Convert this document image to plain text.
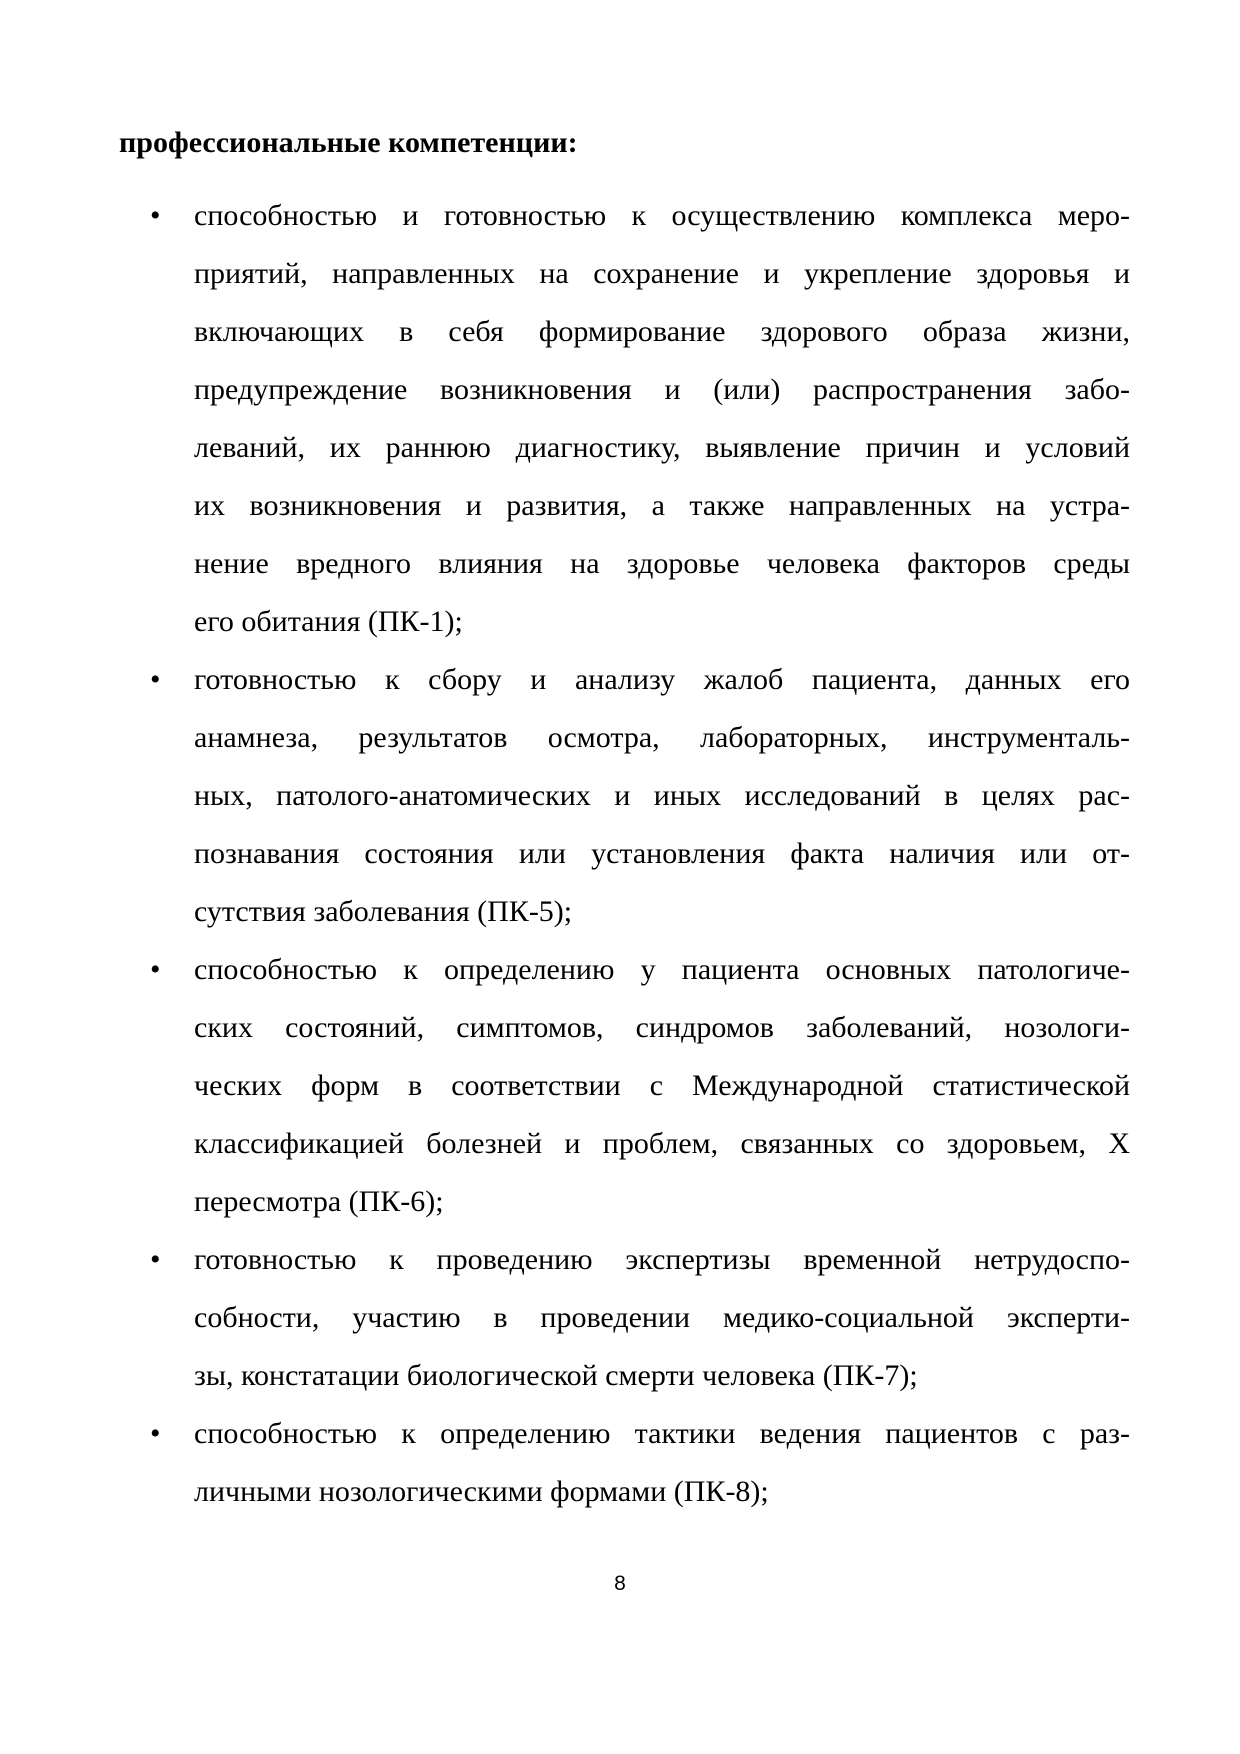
профессиональные компетенции:
•	способностью и готовностью к осуществлению комплекса меро-
приятий, направленных на сохранение и укрепление здоровья и
включающих в себя формирование здорового образа жизни,
предупреждение возникновения и (или) распространения забо-
леваний, их раннюю диагностику, выявление причин и условий
их возникновения и развития, а также направленных на устра-
нение вредного влияния на здоровье человека факторов среды
его обитания (ПК-1);
•	готовностью к сбору и анализу жалоб пациента, данных его
анамнеза, результатов осмотра, лабораторных, инструменталь-
ных, патолого-анатомических и иных исследований в целях рас-
познавания состояния или установления факта наличия или от-
сутствия заболевания (ПК-5);
•	способностью к определению у пациента основных патологиче-
ских состояний, симптомов, синдромов заболеваний, нозологи-
ческих форм в соответствии с Международной статистической
классификацией болезней и проблем, связанных со здоровьем, Х
пересмотра (ПК-6);
•	готовностью к проведению экспертизы временной нетрудоспо-
собности, участию в проведении медико-социальной эксперти-
зы, констатации биологической смерти человека (ПК-7);
•	способностью к определению тактики ведения пациентов с раз-
личными нозологическими формами (ПК-8);
8
